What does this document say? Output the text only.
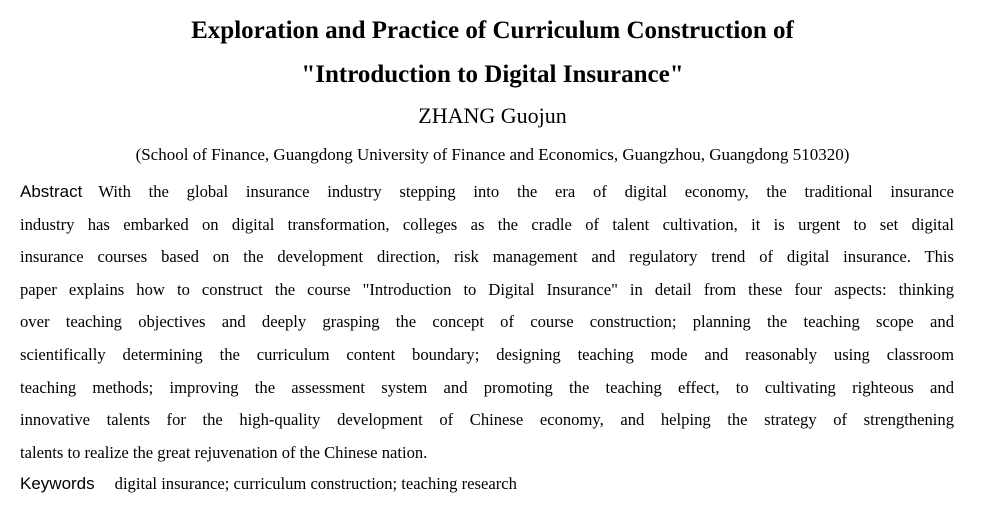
Exploration and Practice of Curriculum Construction of
"Introduction to Digital Insurance"
ZHANG Guojun
(School of Finance, Guangdong University of Finance and Economics, Guangzhou, Guangdong 510320)
Abstract With the global insurance industry stepping into the era of digital economy, the traditional insurance
industry has embarked on digital transformation, colleges as the cradle of talent cultivation, it is urgent to set digital
insurance courses based on the development direction, risk management and regulatory trend of digital insurance. This
paper explains how to construct the course "Introduction to Digital Insurance" in detail from these four aspects: thinking
over teaching objectives and deeply grasping the concept of course construction; planning the teaching scope and
scientifically determining the curriculum content boundary; designing teaching mode and reasonably using classroom
teaching methods; improving the assessment system and promoting the teaching effect, to cultivating righteous and
innovative talents for the high-quality development of Chinese economy, and helping the strategy of strengthening
talents to realize the great rejuvenation of the Chinese nation.
Keywords digital insurance; curriculum construction; teaching research
